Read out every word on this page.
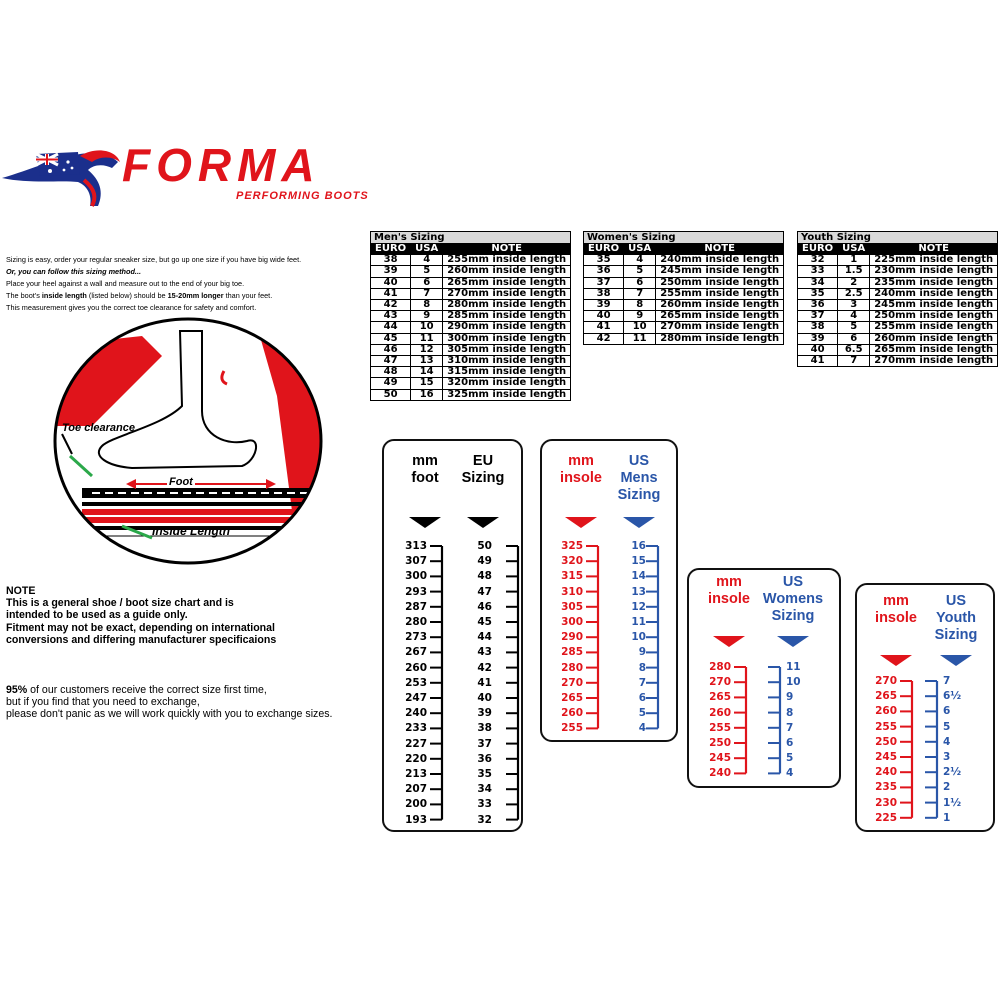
FORMA
PERFORMING BOOTS

Sizing is easy, order your regular sneaker size, but go up one size if you have big wide feet.

Or, you can follow this sizing method...

Place your heel against a wall and measure out to the end of your big toe.

The boot's inside length (listed below) should be 15-20mm longer than your feet.

This measurement gives you the correct toe clearance for safety and comfort.

Toe clearance
Foot
Inside Length
Men's Sizing		
EURO	USA	NOTE
38	4	255mm inside length
39	5	260mm inside length
40	6	265mm inside length
41	7	270mm inside length
42	8	280mm inside length
43	9	285mm inside length
44	10	290mm inside length
45	11	300mm inside length
46	12	305mm inside length
47	13	310mm inside length
48	14	315mm inside length
49	15	320mm inside length
50	16	325mm inside length
Women's Sizing		
EURO	USA	NOTE
35	4	240mm inside length
36	5	245mm inside length
37	6	250mm inside length
38	7	255mm inside length
39	8	260mm inside length
40	9	265mm inside length
41	10	270mm inside length
42	11	280mm inside length
Youth Sizing		
EURO	USA	NOTE
32	1	225mm inside length
33	1.5	230mm inside length
34	2	235mm inside length
35	2.5	240mm inside length
36	3	245mm inside length
37	4	250mm inside length
38	5	255mm inside length
39	6	260mm inside length
40	6.5	265mm inside length
41	7	270mm inside length

NOTE

This is a general shoe / boot size chart and is

intended to be used as a guide only.

Fitment may not be exact, depending on international

conversions and differing manufacturer specificaions

95% of our customers receive the correct size first time,

but if you find that you need to exchange,

please don't panic as we will work quickly with you to exchange sizes.

mm
foot
EU
Sizing
313	50
307	49
300	48
293	47
287	46
280	45
273	44
267	43
260	42
253	41
247	40
240	39
233	38
227	37
220	36
213	35
207	34
200	33
193	32
mm
insole
US
Mens
Sizing
325	16
320	15
315	14
310	13
305	12
300	11
290	10
285	9
280	8
270	7
265	6
260	5
255	4
mm
insole
US
Womens
Sizing
280	11
270	10
265	9
260	8
255	7
250	6
245	5
240	4
mm
insole
US
Youth
Sizing
270	7
265	6½
260	6
255	5
250	4
245	3
240	2½
235	2
230	1½
225	1
